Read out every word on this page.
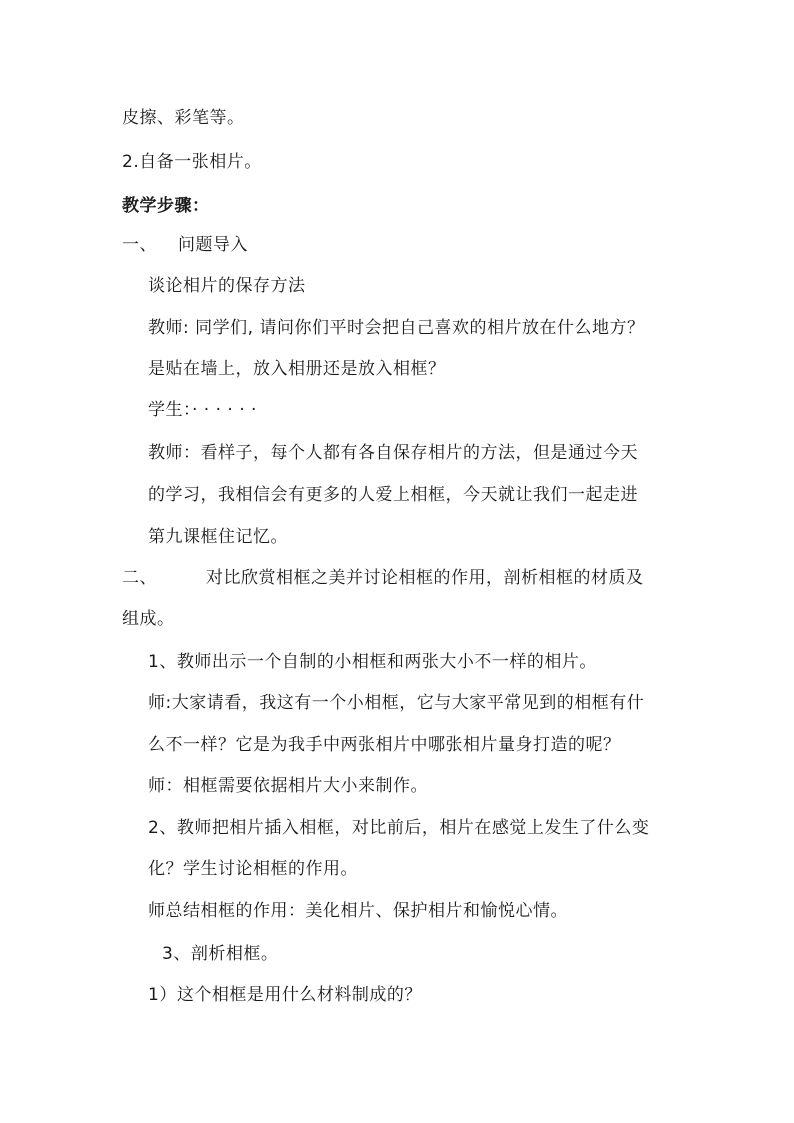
皮擦、彩笔等。
2.自备一张相片。
教学步骤：
一、 问题导入
谈论相片的保存方法
教师: 同学们, 请问你们平时会把自己喜欢的相片放在什么地方？
是贴在墙上，放入相册还是放入相框？
学生：· · · · · ·
教师：看样子，每个人都有各自保存相片的方法，但是通过今天
的学习，我相信会有更多的人爱上相框，今天就让我们一起走进
第九课框住记忆。
二、	对比欣赏相框之美并讨论相框的作用，剖析相框的材质及
组成。
1、教师出示一个自制的小相框和两张大小不一样的相片。
师:大家请看，我这有一个小相框，它与大家平常见到的相框有什
么不一样？它是为我手中两张相片中哪张相片量身打造的呢？
师：相框需要依据相片大小来制作。
2、教师把相片插入相框，对比前后，相片在感觉上发生了什么变
化？学生讨论相框的作用。
师总结相框的作用：美化相片、保护相片和愉悦心情。
3、剖析相框。
1）这个相框是用什么材料制成的？
